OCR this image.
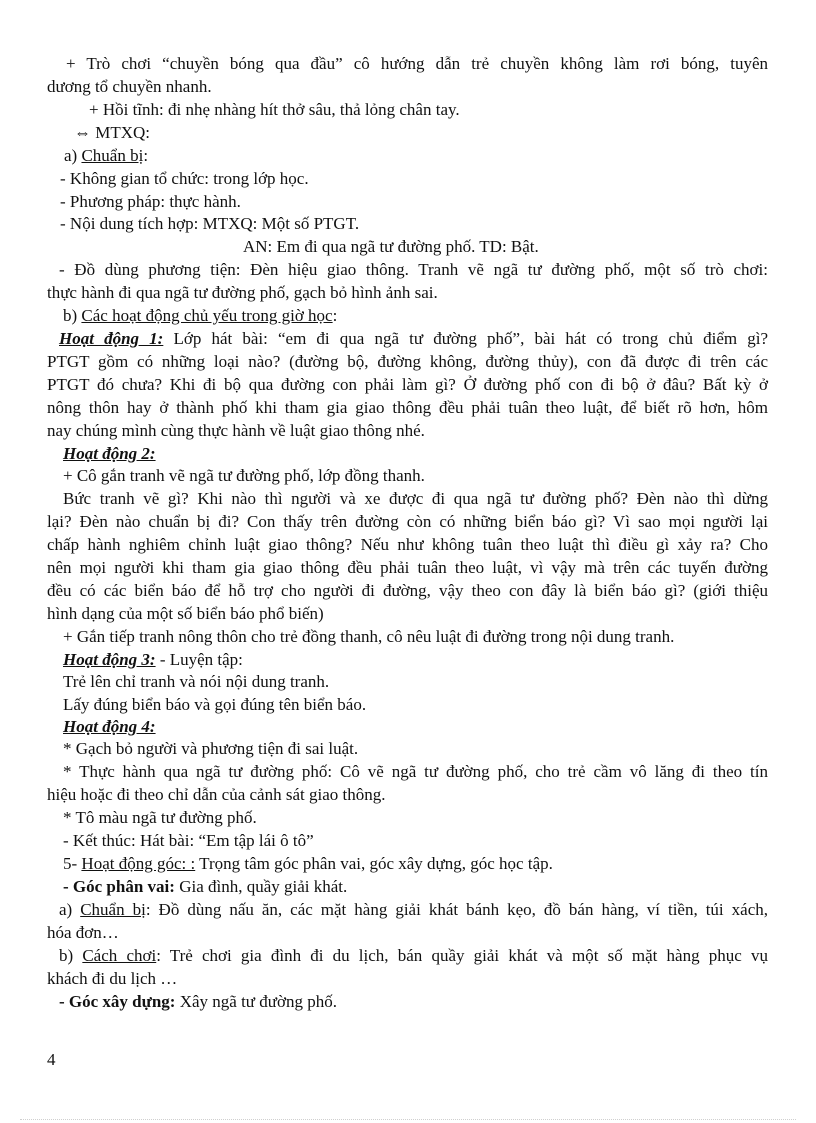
+ Trò chơi “chuyền bóng qua đầu” cô hướng dẫn trẻ chuyền không làm rơi bóng, tuyên
dương tổ chuyền nhanh.
+ Hồi tĩnh: đi nhẹ nhàng hít thở sâu, thả lỏng chân tay.
⇔ MTXQ:
a) Chuẩn bị:
- Không gian tổ chức: trong lớp học.
- Phương pháp: thực hành.
- Nội dung tích hợp: MTXQ: Một số PTGT.
AN: Em đi qua ngã tư đường phố. TD: Bật.
- Đồ dùng phương tiện: Đèn hiệu giao thông. Tranh vẽ ngã tư đường phố, một số trò chơi:
thực hành đi qua ngã tư đường phố, gạch bỏ hình ảnh sai.
b) Các hoạt động chủ yếu trong giờ học:
Hoạt động 1: Lớp hát bài: “em đi qua ngã tư đường phố”, bài hát có trong chủ điểm gì?
PTGT gồm có những loại nào? (đường bộ, đường không, đường thủy), con đã được đi trên các
PTGT đó chưa? Khi đi bộ qua đường con phải làm gì? Ở đường phố con đi bộ ở đâu? Bất kỳ ở
nông thôn hay ở thành phố khi tham gia giao thông đều phải tuân theo luật, để biết rõ hơn, hôm
nay chúng mình cùng thực hành về luật giao thông nhé.
Hoạt động 2:
+ Cô gắn tranh vẽ ngã tư đường phố, lớp đồng thanh.
Bức tranh vẽ gì? Khi nào thì người và xe được đi qua ngã tư đường phố? Đèn nào thì dừng
lại? Đèn nào chuẩn bị đi? Con thấy trên đường còn có những biển báo gì? Vì sao mọi người lại
chấp hành nghiêm chỉnh luật giao thông? Nếu như không tuân theo luật thì điều gì xảy ra? Cho
nên mọi người khi tham gia giao thông đều phải tuân theo luật, vì vậy mà trên các tuyến đường
đều có các biển báo để hỗ trợ cho người đi đường, vậy theo con đây là biển báo gì? (giới thiệu
hình dạng của một số biển báo phổ biến)
+ Gắn tiếp tranh nông thôn cho trẻ đồng thanh, cô nêu luật đi đường trong nội dung tranh.
Hoạt động 3: - Luyện tập:
Trẻ lên chỉ tranh và nói nội dung tranh.
Lấy đúng biển báo và gọi đúng tên biển báo.
Hoạt động 4:
* Gạch bỏ người và phương tiện đi sai luật.
* Thực hành qua ngã tư đường phố: Cô vẽ ngã tư đường phố, cho trẻ cầm vô lăng đi theo tín
hiệu hoặc đi theo chỉ dẫn của cảnh sát giao thông.
* Tô màu ngã tư đường phố.
- Kết thúc: Hát bài: “Em tập lái ô tô”
5- Hoạt động góc: : Trọng tâm góc phân vai, góc xây dựng, góc học tập.
- Góc phân vai: Gia đình, quầy giải khát.
a) Chuẩn bị: Đồ dùng nấu ăn, các mặt hàng giải khát bánh kẹo, đồ bán hàng, ví tiền, túi xách,
hóa đơn…
b) Cách chơi: Trẻ chơi gia đình đi du lịch, bán quầy giải khát và một số mặt hàng phục vụ
khách đi du lịch …
- Góc xây dựng: Xây ngã tư đường phố.
4
